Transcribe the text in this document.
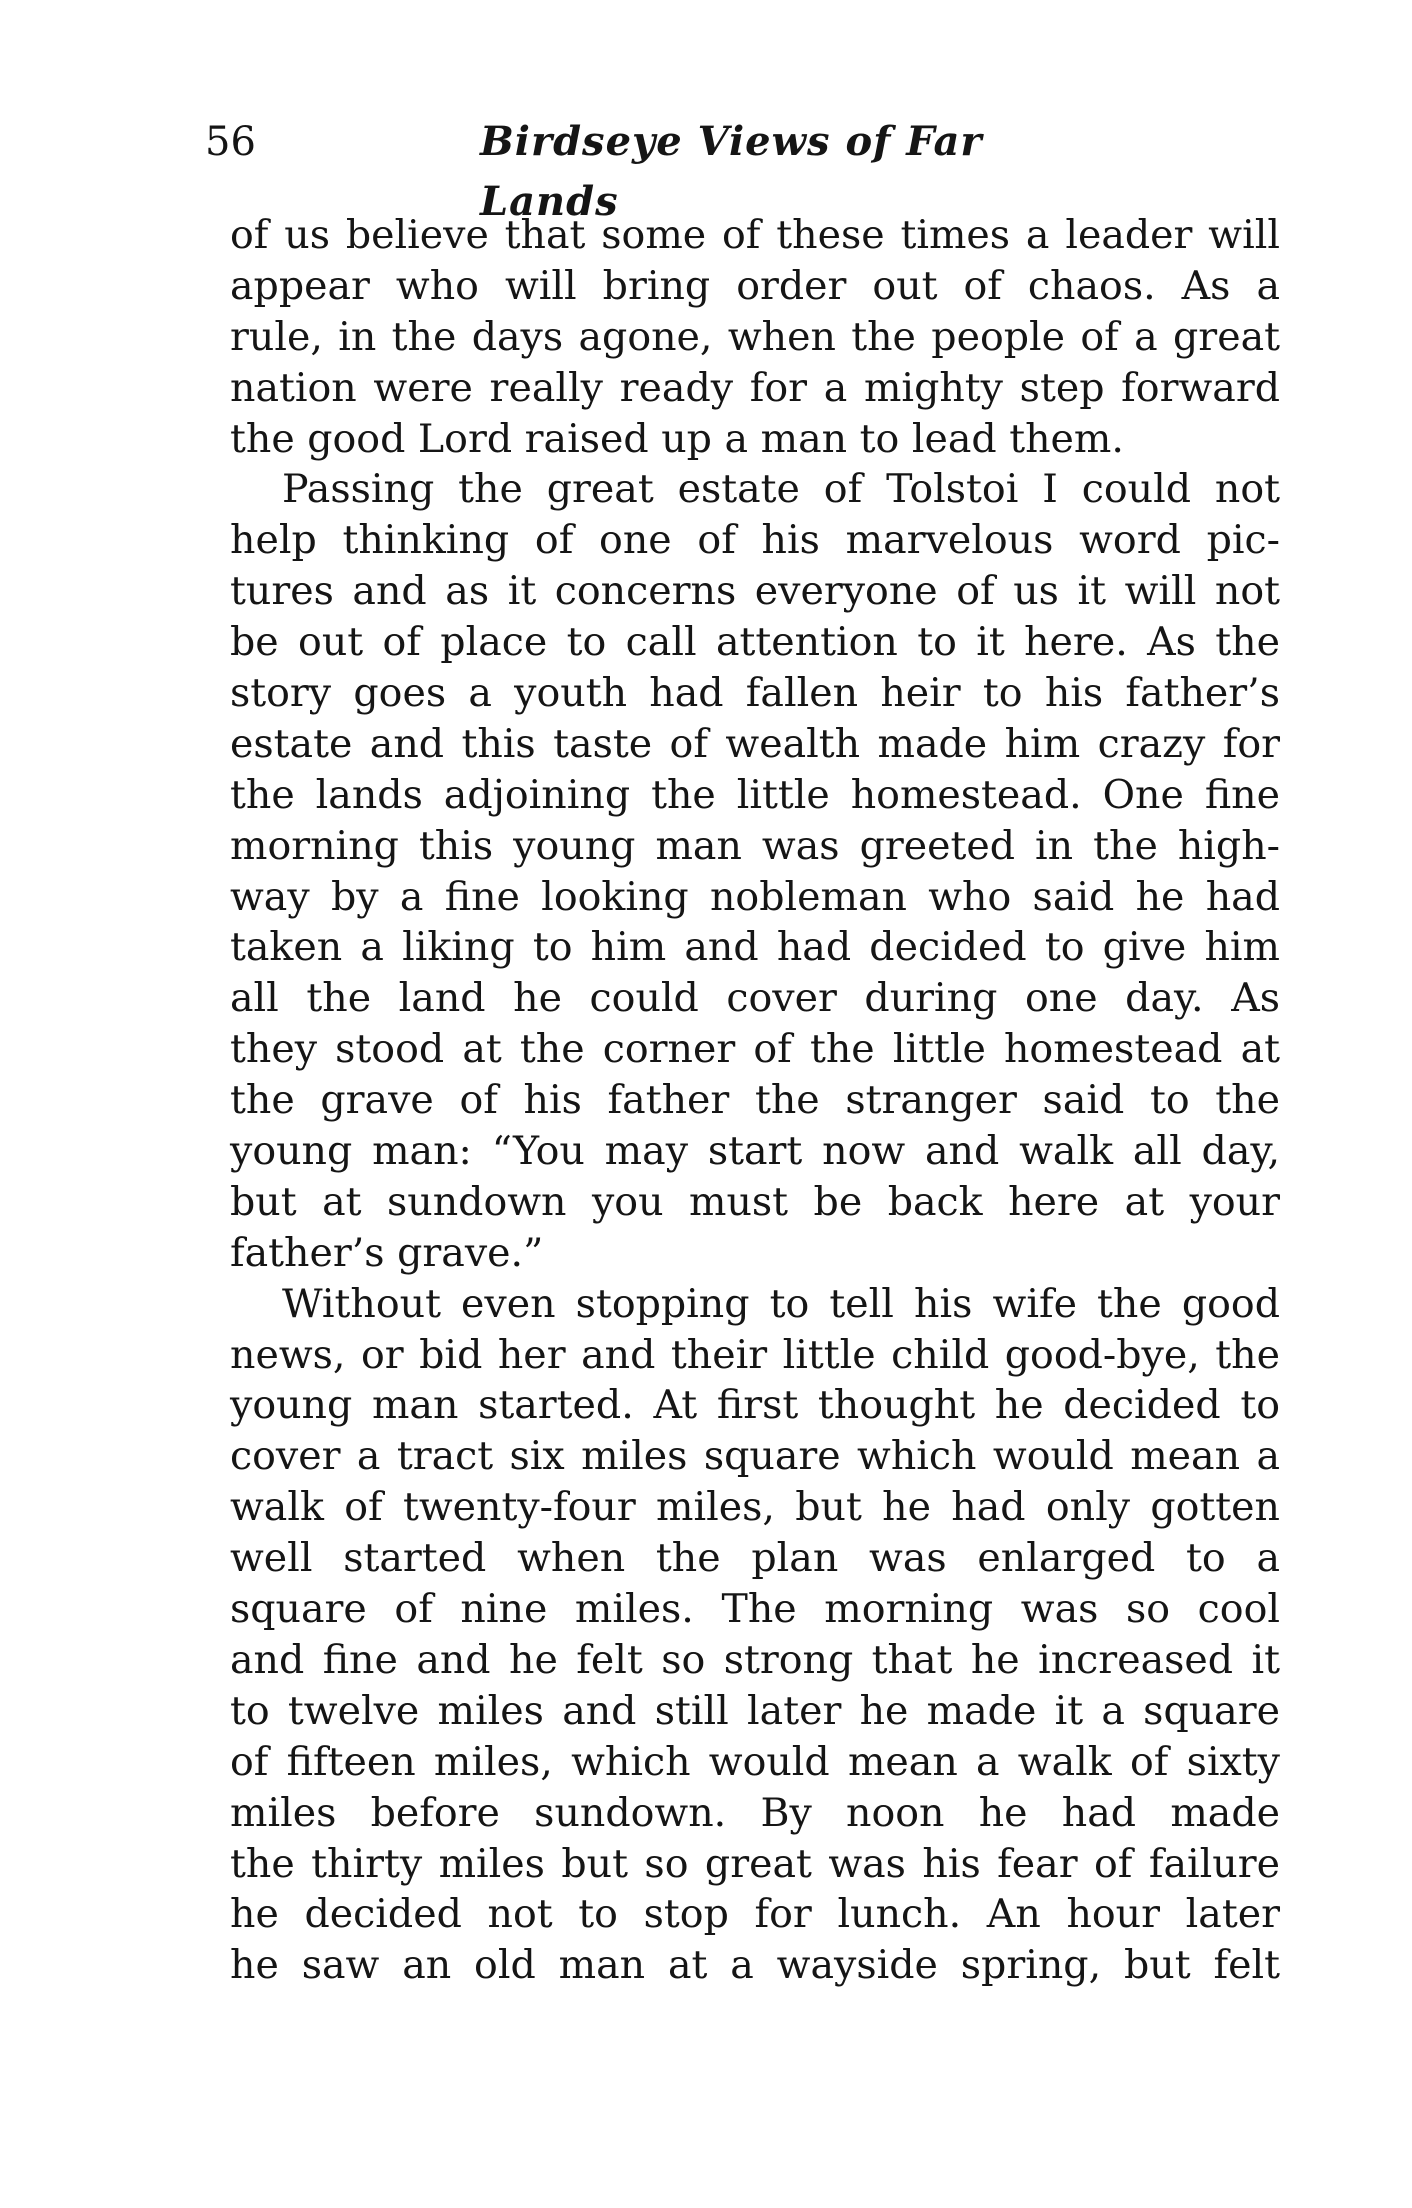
56	Birdseye Views of Far Lands
of us believe that some of these times a leader will
appear who will bring order out of chaos. As a
rule, in the days agone, when the people of a great
nation were really ready for a mighty step forward
the good Lord raised up a man to lead them.
Passing the great estate of Tolstoi I could not
help thinking of one of his marvelous word pic-
tures and as it concerns everyone of us it will not
be out of place to call attention to it here. As the
story goes a youth had fallen heir to his father’s
estate and this taste of wealth made him crazy for
the lands adjoining the little homestead. One fine
morning this young man was greeted in the high-
way by a fine looking nobleman who said he had
taken a liking to him and had decided to give him
all the land he could cover during one day. As
they stood at the corner of the little homestead at
the grave of his father the stranger said to the
young man: “You may start now and walk all day,
but at sundown you must be back here at your
father’s grave.”
Without even stopping to tell his wife the good
news, or bid her and their little child good-bye, the
young man started. At first thought he decided to
cover a tract six miles square which would mean a
walk of twenty-four miles, but he had only gotten
well started when the plan was enlarged to a
square of nine miles. The morning was so cool
and fine and he felt so strong that he increased it
to twelve miles and still later he made it a square
of fifteen miles, which would mean a walk of sixty
miles before sundown. By noon he had made
the thirty miles but so great was his fear of failure
he decided not to stop for lunch. An hour later
he saw an old man at a wayside spring, but felt
